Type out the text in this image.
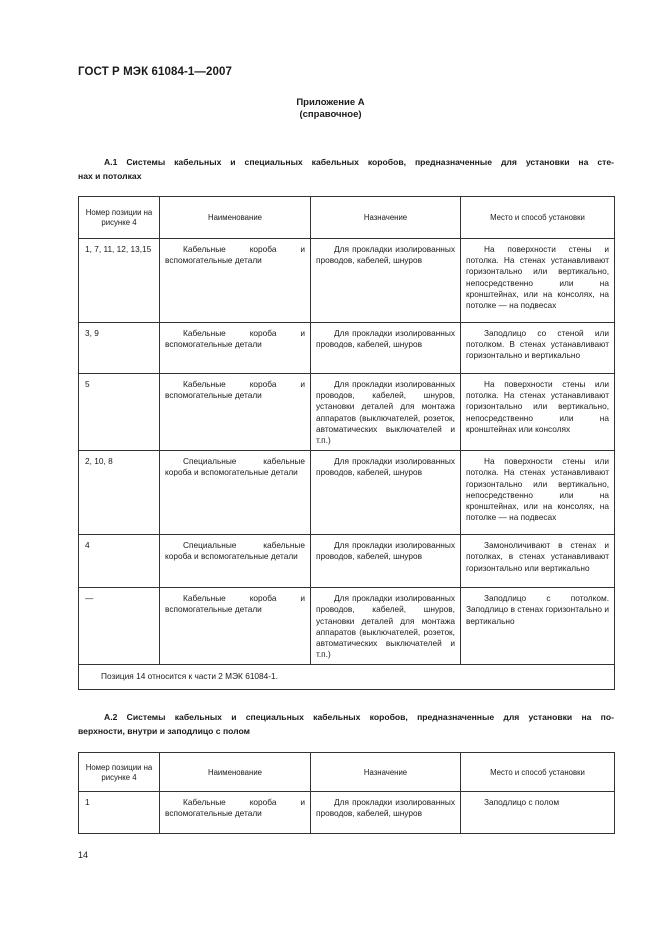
ГОСТ Р МЭК 61084-1—2007
Приложение А
(справочное)
А.1 Системы кабельных и специальных кабельных коробов, предназначенные для установки на сте-
нах и потолках
Номер позиции на рисунке 4	Наименование	Назначение	Место и способ установки
1, 7, 11, 12, 13,15	Кабельные короба и вспомогательные детали	Для прокладки изолированных проводов, кабелей, шнуров	На поверхности стены и потолка. На стенах устанавливают горизонтально или вертикально, непосредственно или на кронштейнах, или на консолях, на потолке — на подвесах

3, 9	Кабельные короба и вспомогательные детали	Для прокладки изолированных проводов, кабелей, шнуров	Заподлицо со стеной или потолком. В стенах устанавливают горизонтально и вертикально

5	Кабельные короба и вспомогательные детали	Для прокладки изолированных проводов, кабелей, шнуров, установки деталей для монтажа аппаратов (выключателей, розеток, автоматических выключателей и т.п.)	На поверхности стены или потолка. На стенах устанавливают горизонтально или вертикально, непосредственно или на кронштейнах или консолях

2, 10, 8	Специальные кабельные короба и вспомогательные детали	Для прокладки изолированных проводов, кабелей, шнуров	На поверхности стены или потолка. На стенах устанавливают горизонтально или вертикально, непосредственно или на кронштейнах, или на консолях, на потолке — на подвесах

4	Специальные кабельные короба и вспомогательные детали	Для прокладки изолированных проводов, кабелей, шнуров	Замоноличивают в стенах и потолках, в стенах устанавливают горизонтально или вертикально

—	Кабельные короба и вспомогательные детали	Для прокладки изолированных проводов, кабелей, шнуров, установки деталей для монтажа аппаратов (выключателей, розеток, автоматических выключателей и т.п.)	Заподлицо с потолком. Заподлицо в стенах горизонтально и вертикально

Позиция 14 относится к части 2 МЭК 61084-1.			
А.2 Системы кабельных и специальных кабельных коробов, предназначенные для установки на по-
верхности, внутри и заподлицо с полом
Номер позиции на рисунке 4	Наименование	Назначение	Место и способ установки
1	Кабельные короба и вспомогательные детали	Для прокладки изолированных проводов, кабелей, шнуров	Заподлицо с полом
14
